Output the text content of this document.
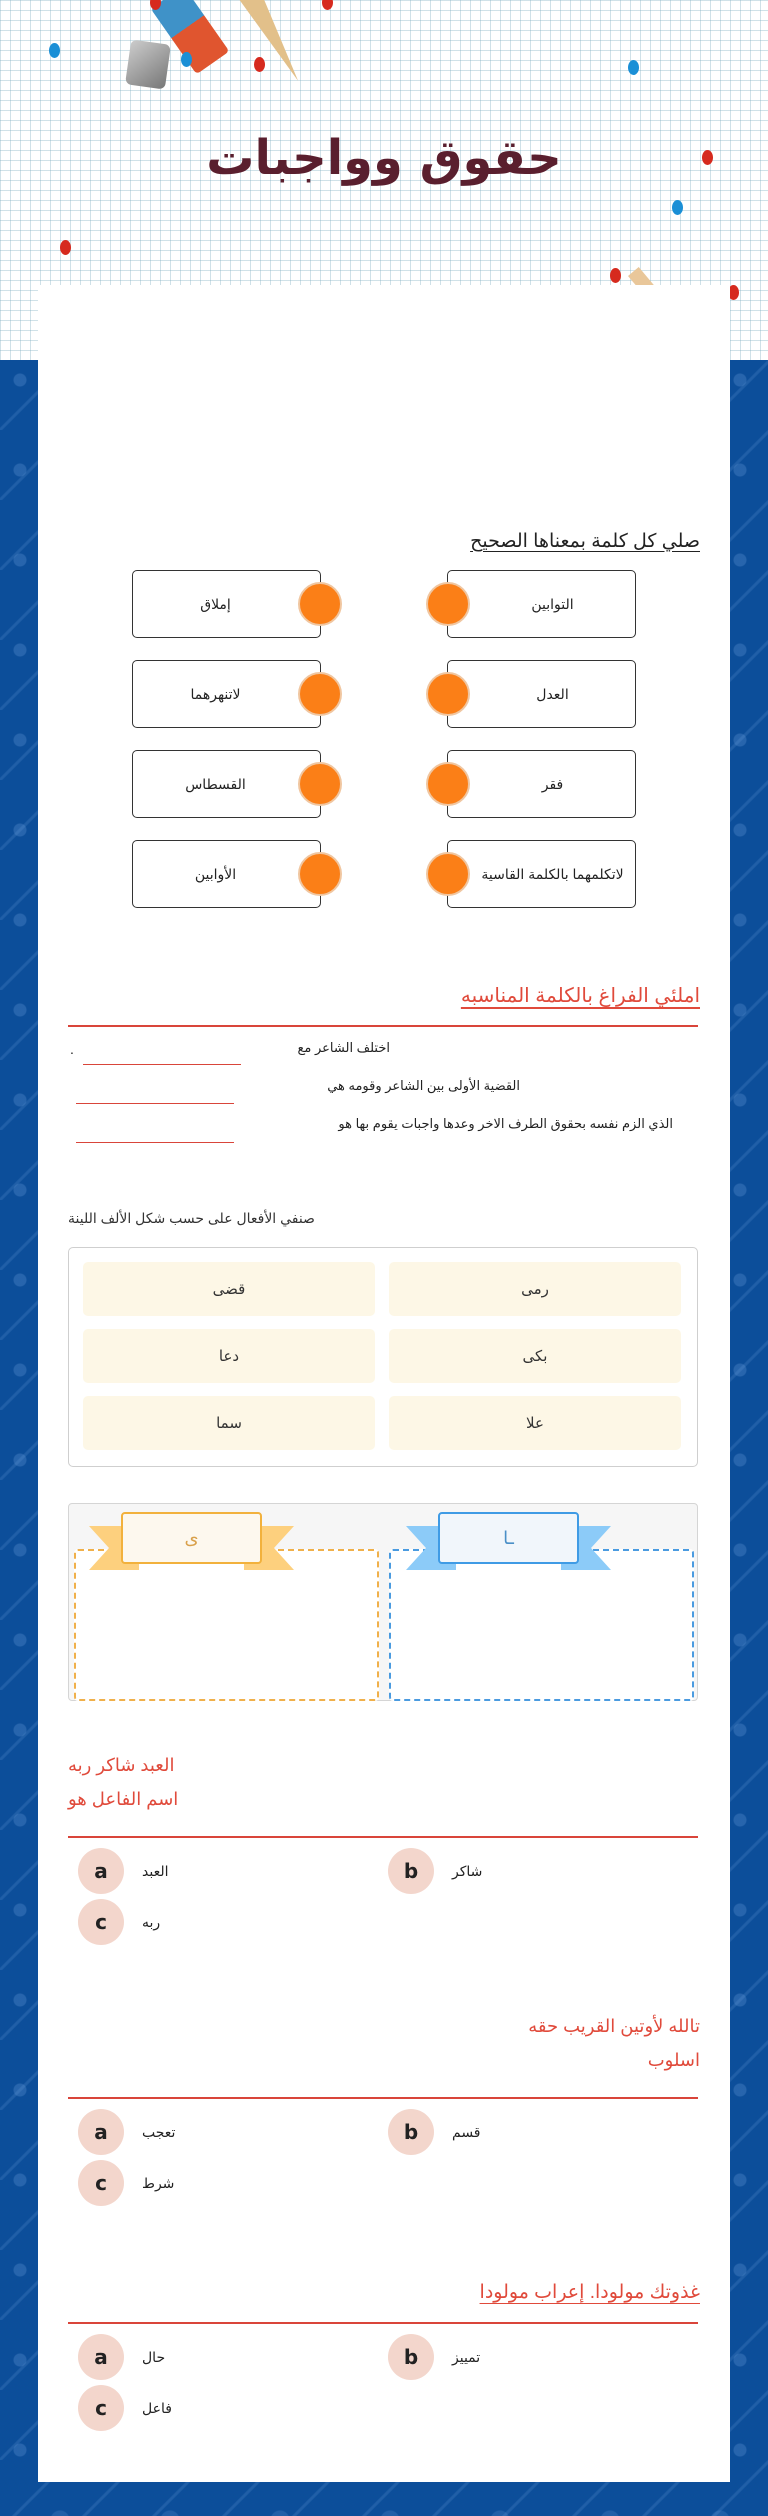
حقوق وواجبات
صلي كل كلمة بمعناها الصحيح
إملاق	التوابين
لاتنهرهما	العدل
القسطاس	فقر
الأوابين	لاتكلمهما بالكلمة القاسية
املئي الفراغ بالكلمة المناسبه
اختلف الشاعر مع
.
القضية الأولى بين الشاعر وقومه هي
الذي الزم نفسه بحقوق الطرف الاخر وعدها واجبات يقوم بها هو
صنفي الأفعال على حسب شكل الألف اللينة
رمى
قضى
بكى
دعا
علا
سما
ى	ـا
العبد شاكر ربه
اسم الفاعل هو
a	العبد	b	شاكر
c	ربه
تالله لأوتين القريب حقه
اسلوب
a	تعجب	b	قسم
c	شرط
غذوتك مولودا. إعراب مولودا
a	حال	b	تمييز
c	فاعل
